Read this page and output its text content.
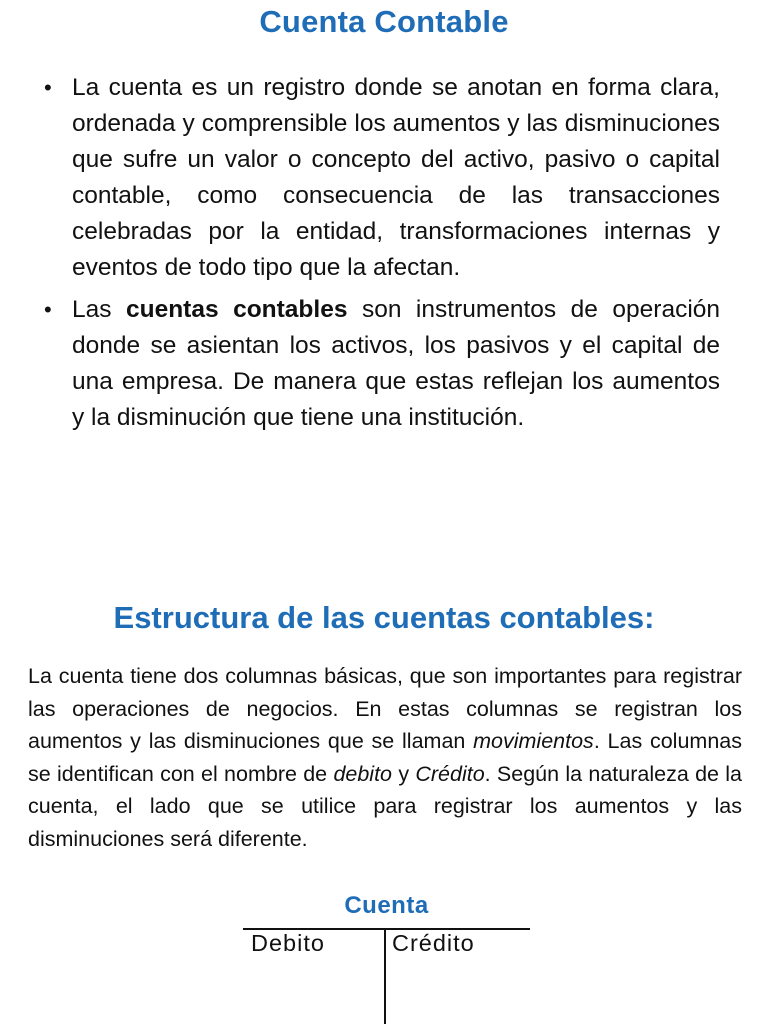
Cuenta Contable
• La cuenta es un registro donde se anotan en forma clara, ordenada y comprensible los aumentos y las disminuciones que sufre un valor o concepto del activo, pasivo o capital contable, como consecuencia de las transacciones celebradas por la entidad, transformaciones internas y eventos de todo tipo que la afectan.
• Las cuentas contables son instrumentos de operación donde se asientan los activos, los pasivos y el capital de una empresa. De manera que estas reflejan los aumentos y la disminución que tiene una institución.
Estructura de las cuentas contables:
La cuenta tiene dos columnas básicas, que son importantes para registrar las operaciones de negocios. En estas columnas se registran los aumentos y las disminuciones que se llaman movimientos. Las columnas se identifican con el nombre de debito y Crédito. Según la naturaleza de la cuenta, el lado que se utilice para registrar los aumentos y las disminuciones será diferente.
Cuenta
Debito	Crédito
